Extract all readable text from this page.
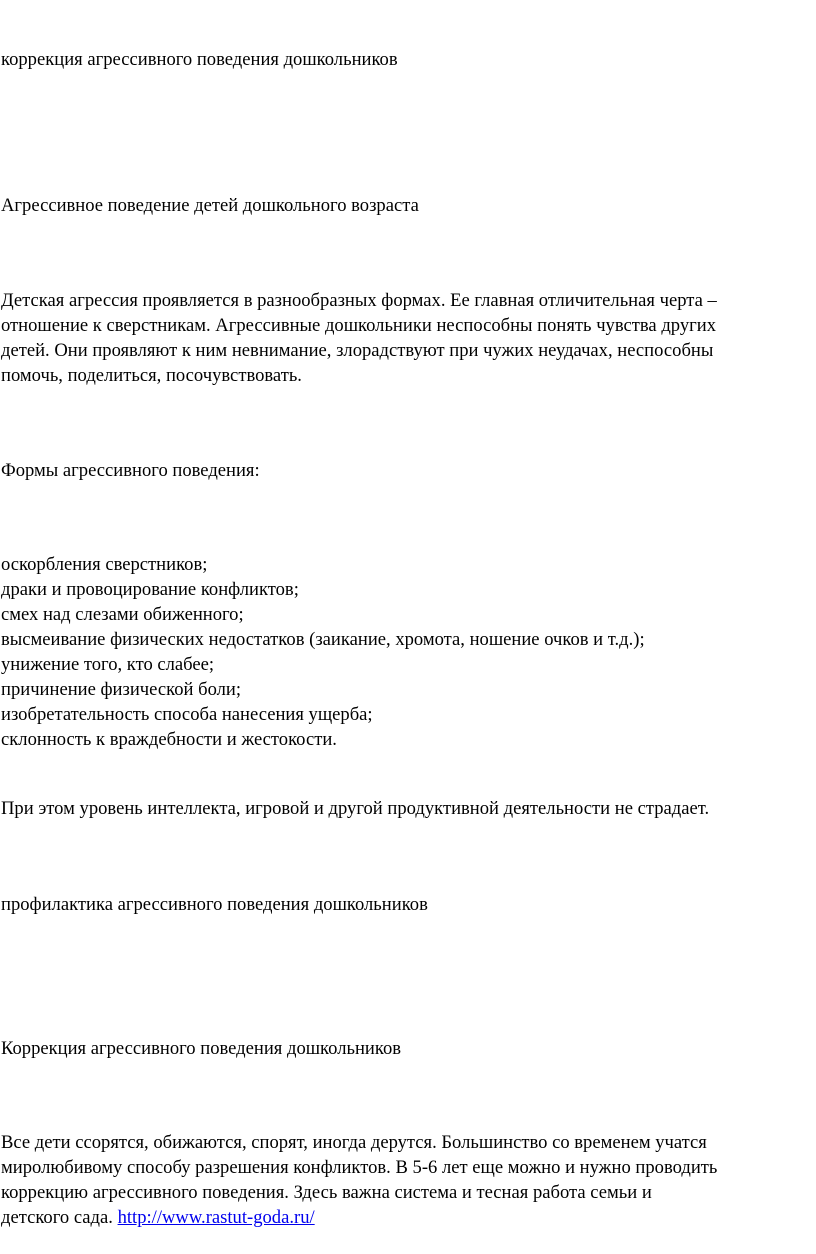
коррекция агрессивного поведения дошкольников

Агрессивное поведение детей дошкольного возраста

Детская агрессия проявляется в разнообразных формах. Ее главная отличительная черта –
отношение к сверстникам. Агрессивные дошкольники неспособны понять чувства других
детей. Они проявляют к ним невнимание, злорадствуют при чужих неудачах, неспособны
помочь, поделиться, посочувствовать.

Формы агрессивного поведения:

оскорбления сверстников;
драки и провоцирование конфликтов;
смех над слезами обиженного;
высмеивание физических недостатков (заикание, хромота, ношение очков и т.д.);
унижение того, кто слабее;
причинение физической боли;
изобретательность способа нанесения ущерба;
склонность к враждебности и жестокости.

При этом уровень интеллекта, игровой и другой продуктивной деятельности не страдает.

профилактика агрессивного поведения дошкольников

Коррекция агрессивного поведения дошкольников

Все дети ссорятся, обижаются, спорят, иногда дерутся. Большинство со временем учатся
миролюбивому способу разрешения конфликтов. В 5-6 лет еще можно и нужно проводить
коррекцию агрессивного поведения. Здесь важна система и тесная работа семьи и
детского сада. http://www.rastut-goda.ru/
